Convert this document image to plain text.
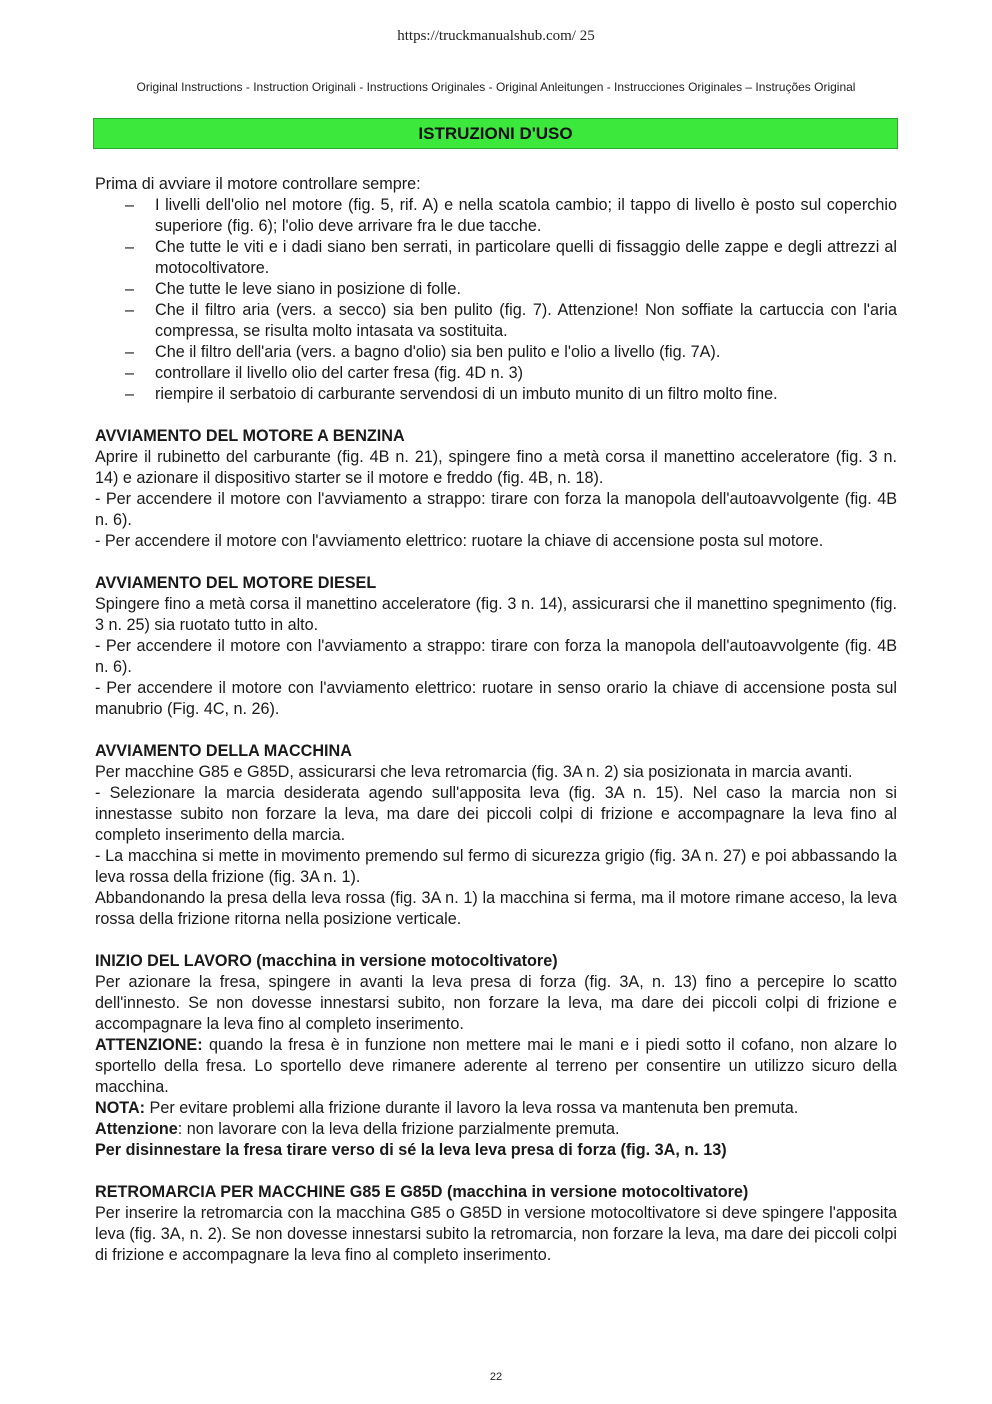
https://truckmanualshub.com/ 25
Original Instructions - Instruction Originali - Instructions Originales - Original Anleitungen - Instrucciones Originales – Instruções Original
ISTRUZIONI D'USO

Prima di avviare il motore controllare sempre:

– I livelli dell'olio nel motore (fig. 5, rif. A) e nella scatola cambio; il tappo di livello è posto sul coperchio superiore (fig. 6); l'olio deve arrivare fra le due tacche.
– Che tutte le viti e i dadi siano ben serrati, in particolare quelli di fissaggio delle zappe e degli attrezzi al motocoltivatore.
– Che tutte le leve siano in posizione di folle.
– Che il filtro aria (vers. a secco) sia ben pulito (fig. 7). Attenzione! Non soffiate la cartuccia con l'aria compressa, se risulta molto intasata va sostituita.
– Che il filtro dell'aria (vers. a bagno d'olio) sia ben pulito e l'olio a livello (fig. 7A).
– controllare il livello olio del carter fresa (fig. 4D n. 3)
– riempire il serbatoio di carburante servendosi di un imbuto munito di un filtro molto fine.

AVVIAMENTO DEL MOTORE A BENZINA

Aprire il rubinetto del carburante (fig. 4B n. 21), spingere fino a metà corsa il manettino acceleratore (fig. 3 n. 14) e azionare il dispositivo starter se il motore e freddo (fig. 4B, n. 18).

- Per accendere il motore con l'avviamento a strappo: tirare con forza la manopola dell'autoavvolgente (fig. 4B n. 6).

- Per accendere il motore con l'avviamento elettrico: ruotare la chiave di accensione posta sul motore.

AVVIAMENTO DEL MOTORE DIESEL

Spingere fino a metà corsa il manettino acceleratore (fig. 3 n. 14), assicurarsi che il manettino spegnimento (fig. 3 n. 25) sia ruotato tutto in alto.

- Per accendere il motore con l'avviamento a strappo: tirare con forza la manopola dell'autoavvolgente (fig. 4B n. 6).

- Per accendere il motore con l'avviamento elettrico: ruotare in senso orario la chiave di accensione posta sul manubrio (Fig. 4C, n. 26).

AVVIAMENTO DELLA MACCHINA

Per macchine G85 e G85D, assicurarsi che leva retromarcia (fig. 3A n. 2) sia posizionata in marcia avanti.

- Selezionare la marcia desiderata agendo sull'apposita leva (fig. 3A n. 15). Nel caso la marcia non si innestasse subito non forzare la leva, ma dare dei piccoli colpi di frizione e accompagnare la leva fino al completo inserimento della marcia.

- La macchina si mette in movimento premendo sul fermo di sicurezza grigio (fig. 3A n. 27) e poi abbassando la leva rossa della frizione (fig. 3A n. 1).

Abbandonando la presa della leva rossa (fig. 3A n. 1) la macchina si ferma, ma il motore rimane acceso, la leva rossa della frizione ritorna nella posizione verticale.

INIZIO DEL LAVORO (macchina in versione motocoltivatore)

Per azionare la fresa, spingere in avanti la leva presa di forza (fig. 3A, n. 13) fino a percepire lo scatto dell'innesto. Se non dovesse innestarsi subito, non forzare la leva, ma dare dei piccoli colpi di frizione e accompagnare la leva fino al completo inserimento.

ATTENZIONE: quando la fresa è in funzione non mettere mai le mani e i piedi sotto il cofano, non alzare lo sportello della fresa. Lo sportello deve rimanere aderente al terreno per consentire un utilizzo sicuro della macchina.

NOTA: Per evitare problemi alla frizione durante il lavoro la leva rossa va mantenuta ben premuta.

Attenzione: non lavorare con la leva della frizione parzialmente premuta.

Per disinnestare la fresa tirare verso di sé la leva leva presa di forza (fig. 3A, n. 13)

RETROMARCIA PER MACCHINE G85 E G85D (macchina in versione motocoltivatore)

Per inserire la retromarcia con la macchina G85 o G85D in versione motocoltivatore si deve spingere l'apposita leva (fig. 3A, n. 2). Se non dovesse innestarsi subito la retromarcia, non forzare la leva, ma dare dei piccoli colpi di frizione e accompagnare la leva fino al completo inserimento.

22
